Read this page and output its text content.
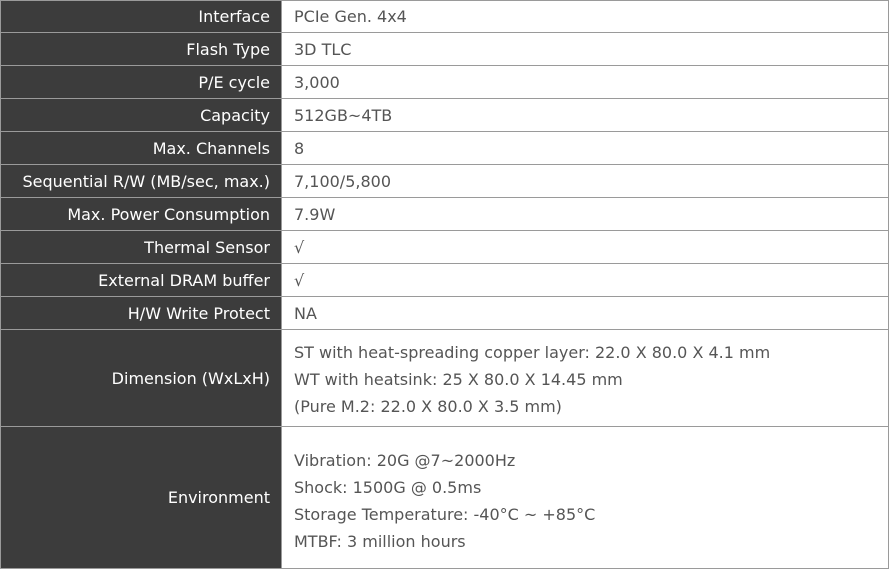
Interface	PCIe Gen. 4x4
Flash Type	3D TLC
P/E cycle	3,000
Capacity	512GB~4TB
Max. Channels	8
Sequential R/W (MB/sec, max.)	7,100/5,800
Max. Power Consumption	7.9W
Thermal Sensor	√
External DRAM buffer	√
H/W Write Protect	NA
Dimension (WxLxH)	ST with heat-spreading copper layer: 22.0 X 80.0 X 4.1 mm
WT with heatsink: 25 X 80.0 X 14.45 mm
(Pure M.2: 22.0 X 80.0 X 3.5 mm)

Environment	Vibration: 20G @7~2000Hz
Shock: 1500G @ 0.5ms
Storage Temperature: -40°C ~ +85°C
MTBF: 3 million hours
